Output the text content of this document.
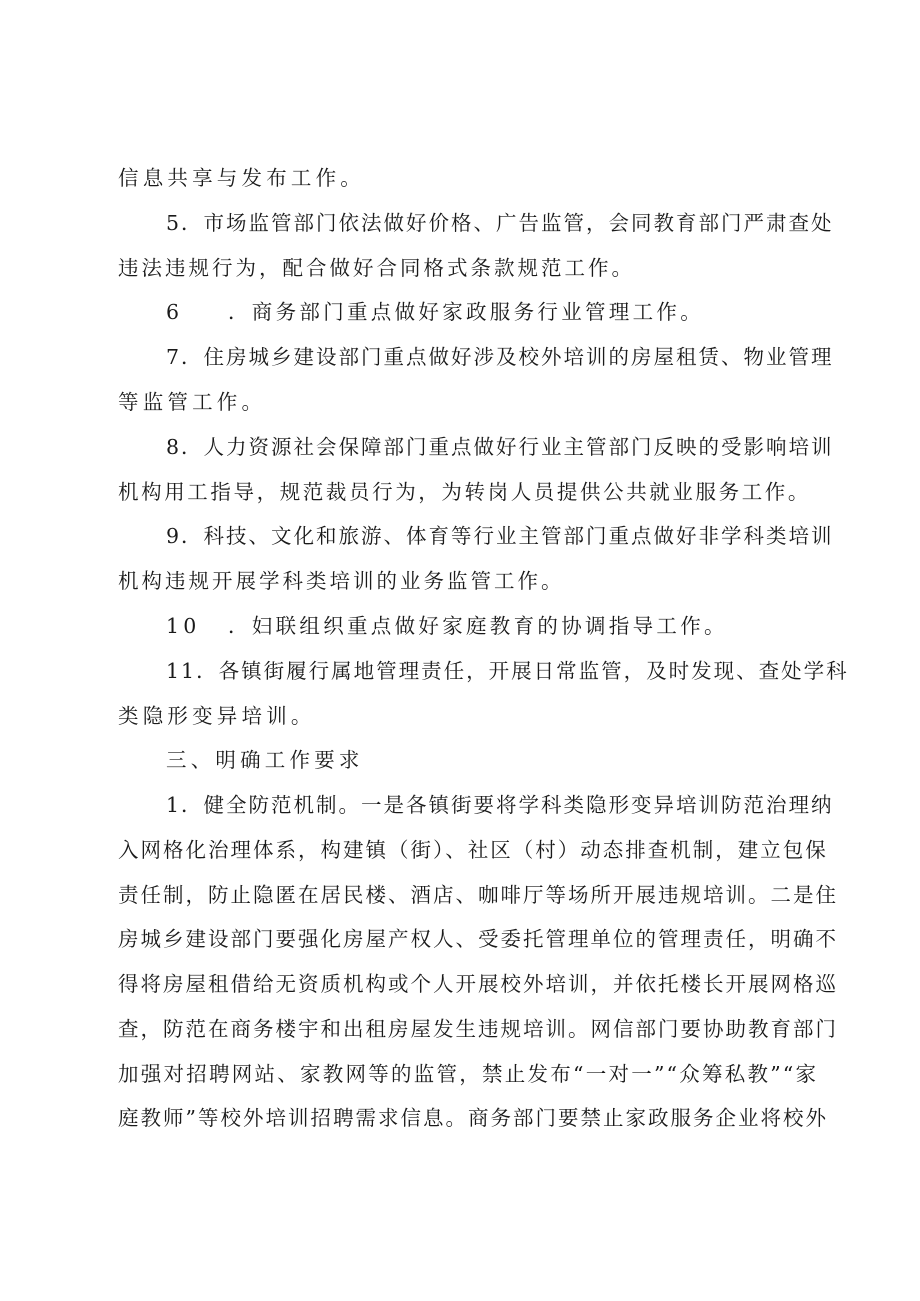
信息共享与发布工作。
5．市场监管部门依法做好价格、广告监管，会同教育部门严肃查处
违法违规行为，配合做好合同格式条款规范工作。
6 ．商务部门重点做好家政服务行业管理工作。
7．住房城乡建设部门重点做好涉及校外培训的房屋租赁、物业管理
等监管工作。
8．人力资源社会保障部门重点做好行业主管部门反映的受影响培训
机构用工指导，规范裁员行为，为转岗人员提供公共就业服务工作。
9．科技、文化和旅游、体育等行业主管部门重点做好非学科类培训
机构违规开展学科类培训的业务监管工作。
10 ．妇联组织重点做好家庭教育的协调指导工作。
11．各镇街履行属地管理责任，开展日常监管，及时发现、查处学科
类隐形变异培训。
三、明确工作要求
1．健全防范机制。一是各镇街要将学科类隐形变异培训防范治理纳
入网格化治理体系，构建镇（街）、社区（村）动态排查机制，建立包保
责任制，防止隐匿在居民楼、酒店、咖啡厅等场所开展违规培训。二是住
房城乡建设部门要强化房屋产权人、受委托管理单位的管理责任，明确不
得将房屋租借给无资质机构或个人开展校外培训，并依托楼长开展网格巡
查，防范在商务楼宇和出租房屋发生违规培训。网信部门要协助教育部门
加强对招聘网站、家教网等的监管，禁止发布“一对一”“众筹私教”“家
庭教师”等校外培训招聘需求信息。商务部门要禁止家政服务企业将校外
